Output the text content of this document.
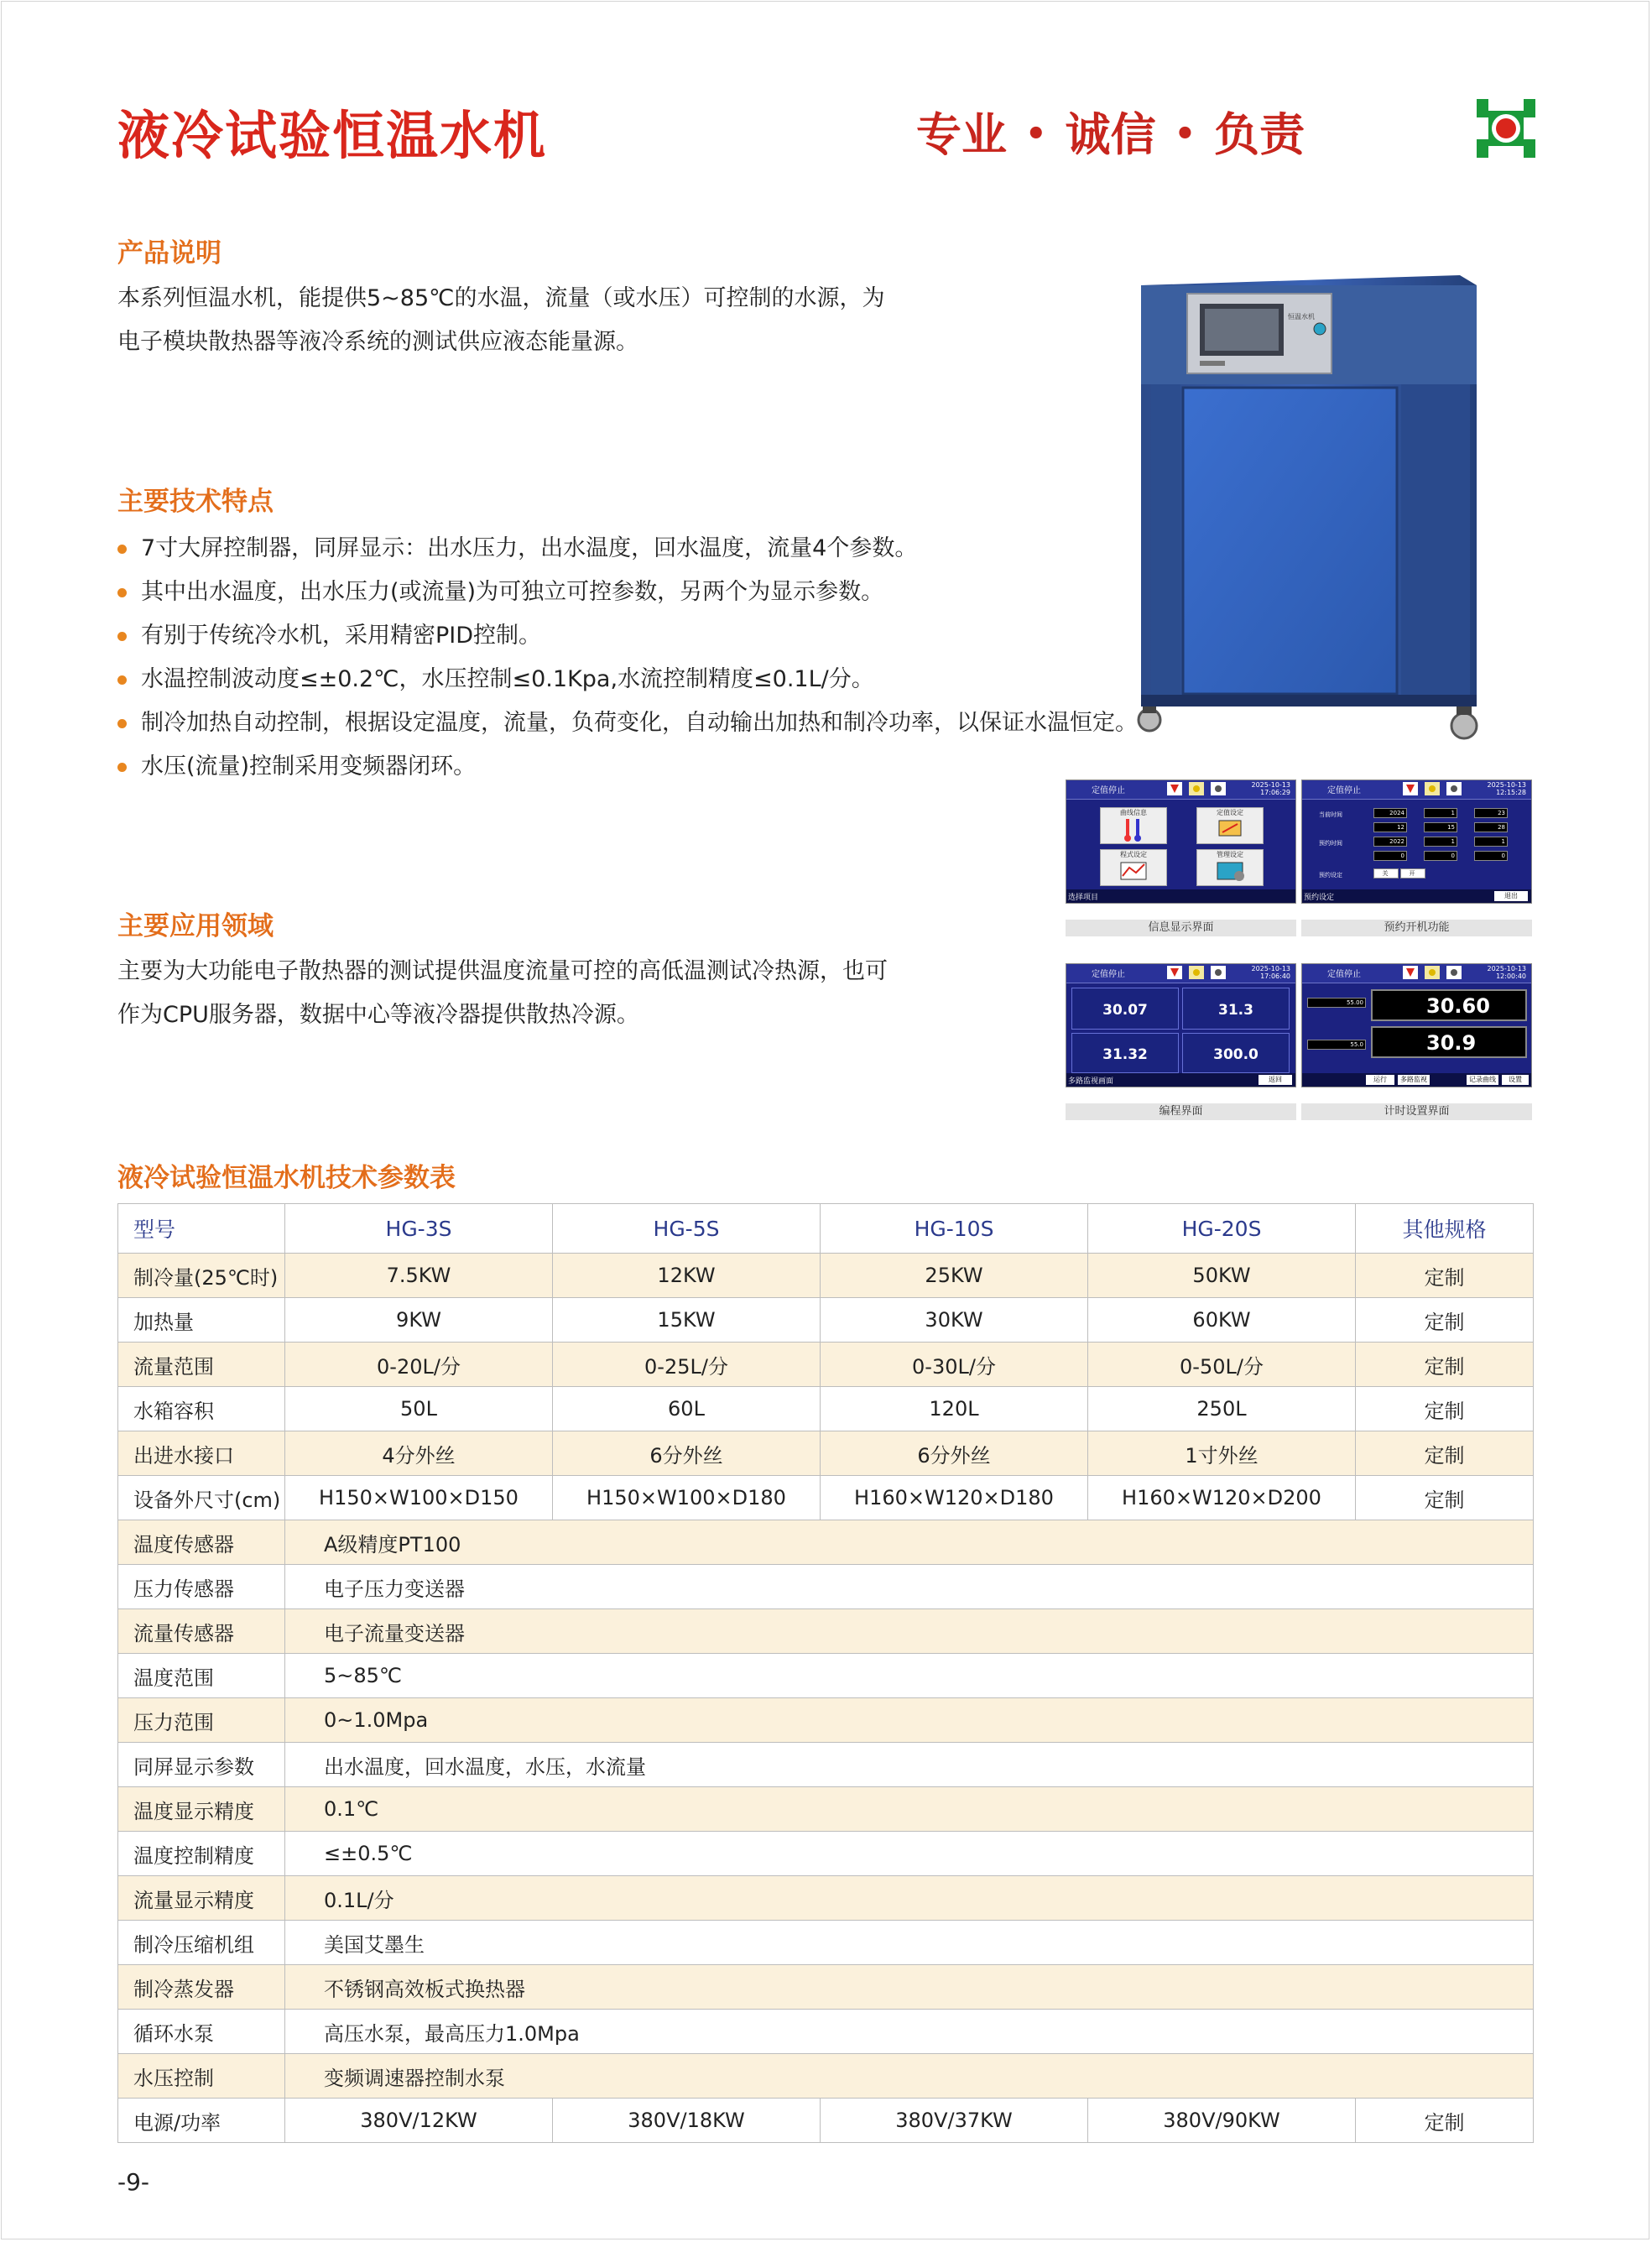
液冷试验恒温水机	专业 • 诚信 • 负责
产品说明
本系列恒温水机，能提供5~85℃的水温，流量（或水压）可控制的水源，为
电子模块散热器等液冷系统的测试供应液态能量源。
主要技术特点
7寸大屏控制器，同屏显示：出水压力，出水温度，回水温度，流量4个参数。
其中出水温度，出水压力(或流量)为可独立可控参数，另两个为显示参数。
有别于传统冷水机，采用精密PID控制。
水温控制波动度≤±0.2℃，水压控制≤0.1Kpa,水流控制精度≤0.1L/分。
制冷加热自动控制，根据设定温度，流量，负荷变化，自动输出加热和制冷功率，以保证水温恒定。
水压(流量)控制采用变频器闭环。
主要应用领域
主要为大功能电子散热器的测试提供温度流量可控的高低温测试冷热源，也可
作为CPU服务器，数据中心等液冷器提供散热冷源。
恒温水机
定值停止
2025-10-13
17:06:29
曲线信息	定值设定
程式设定	管理设定
选择项目
信息显示界面
定值停止
2025-10-13
12:15:28
当前时间	2024	1	23
12	15	28
预约时间	2022	1	1
0	0	0
预约设定	关	开
预约设定	退出
预约开机功能
定值停止
2025-10-13
17:06:40
30.07	31.3
31.32	300.0
多路监视画面	返回
编程界面
定值停止
2025-10-13
12:00:40
55.00
55.0
30.60
30.9
运行	多路监视	记录曲线	设置
计时设置界面
液冷试验恒温水机技术参数表
型号	HG-3S	HG-5S	HG-10S	HG-20S	其他规格
制冷量(25℃时)	7.5KW	12KW	25KW	50KW	定制
加热量	9KW	15KW	30KW	60KW	定制
流量范围	0-20L/分	0-25L/分	0-30L/分	0-50L/分	定制
水箱容积	50L	60L	120L	250L	定制
出进水接口	4分外丝	6分外丝	6分外丝	1寸外丝	定制
设备外尺寸(cm)	H150×W100×D150	H150×W100×D180	H160×W120×D180	H160×W120×D200	定制
温度传感器	A级精度PT100				
压力传感器	电子压力变送器				
流量传感器	电子流量变送器				
温度范围	5~85℃				
压力范围	0~1.0Mpa				
同屏显示参数	出水温度，回水温度，水压，水流量				
温度显示精度	0.1℃				
温度控制精度	≤±0.5℃				
流量显示精度	0.1L/分				
制冷压缩机组	美国艾墨生				
制冷蒸发器	不锈钢高效板式换热器				
循环水泵	高压水泵，最高压力1.0Mpa				
水压控制	变频调速器控制水泵				
电源/功率	380V/12KW	380V/18KW	380V/37KW	380V/90KW	定制
-9-
